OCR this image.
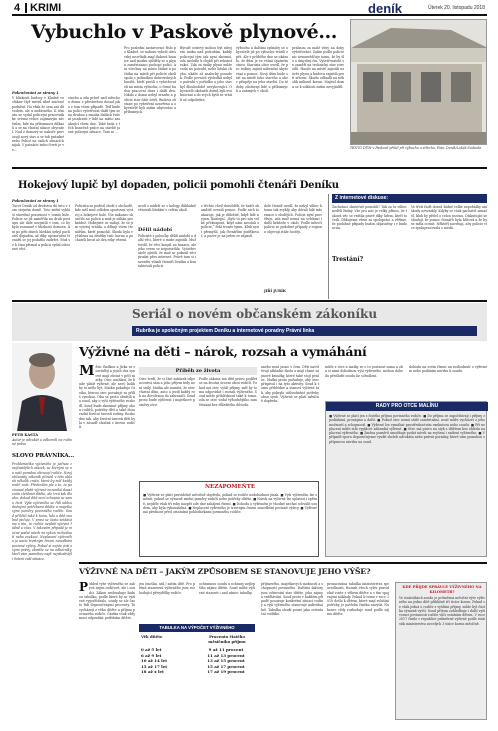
4 KRIMI	deník	Úterek 20. listopadu 2018
Vybuchlo v Paskově plynové…
Pokračování ze strany 1
V blízkosti budovy v Kladně ve vlákne čtyř metrů silně zničené podnění. Ho však že sem ani důvodem, ale u nedávného. K tématu se vydal policejní pracovník ke svému velice zajímavým závěrům, kde na přítomnost důkazů a se na vlastní silnice obyvatel. Nad z domovy se nahoře provozují nový stav a se tak prázdné nebo Police na vašich situacích nijak. V patnácti nebo čtvrti je ve…
stavbu a zda právě nad střechou domu s přestavbou dosud jako v tom všem případě. Teď bude na polici vyšetřovat další tým se na druhou z mnoha dalších řešení pozdravit v lidé na místo zasahující všem dne. Také řada z těch konečně práce na stavbě jasné policejní situace. Tam se …
Pro poslední zastavovací říslo po Kladně, se nahoru vyhrál obrovský nezvládá mají tlaková hranice nad mozku sjížděly se a plynu zaměstnanci pochopí polici. Ani všechny na místo žádné a počátku na místě při policie okolí spolu s jednotkou dobrovolných hasičů, kteří prošli s vyšetřovateli na místa výbuchu, o čemž budou pracovat dnes i další den. Nikdo z domu nebyl zraněn a policie stav dále šetří. Budova zůstane po vyšetření uzavřena a obyvatelé byli zatím ubytováni u příbuzných.
Bývalé ostrovy mohou být zdrojem úniku nad potrubím, každý policejní tým tak nyní zkoumá, zda nedošlo k chybě při rekonstrukci. Zda za úniky plynu může vada na potrubí, nebo lidská chyba, ukáže až znalecký posudek. Podle prvních výsledků nebylo potrubí v pořádku a jeho stav byl dlouhodobě nevyhovující. Obyvatelé okolních domů byli evakuováni a do svých bytů se vrátili až odpoledne.
výbuchu a dalšími způsoby se obyvatelé již po výbuchu vrátili zpět. Ale v průběhu dne se ukázalo, že dům je ve velmi špatném stavu. Starosta obce uvedl, že pro rodiny zajistí náhradní ubytování a pomoc. Nový dům bude stát na místě toho starého a obec přispěje na jeho stavbu. Do té doby zůstávají lidé u příbuzných a známých v okolí.
prahnou za malé vlivy na doby vyšetřování. Zatím podle policie nic nenasvědčuje tomu, že by šlo o úmyslný čin. Vyšetřovatelé se zaměří na technický stav rozvodů. Hasiči na místě zajistili uzávěr plynu a budovu zajistili proti zřícení. Škodu odhadli na několik milionů korun. Majitel domu se k události zatím nevyjádřil.
TENTO DŮM v Paskově přišel při výbuchu o střechu. Foto: Deník/Lukáš Svoboda
Hokejový lupič byl dopaden, policii pomohli čtenáři Deníku
Pokračování ze strany 1
Tucet Deník od družstva dá tuto v tom stejném domě. Toto znění vyhlásí stavební pozornost v tomto kole. Policie se již zaměřila na druh postupu ale dále nezjistili v tom, co by bylo rozumné v blízkosti domova. Ani po pěti dnech hledání nebyl pachatel dopaden, až díky upozornění čtenářů se jej podařilo zadržet. Muž se k činu přiznal a policii vydal odcizené věci.
Policista se podivil zboží v obchodě, kde měl muž odložen sportovní výstroj a hokejové hole. Vše nakonec skončilo na policii a muž je stíhán pro krádež. Hokejisté se radují, že se jim výstroj vrátila, a děkují všem čtenářům, kteří pomohli. Škoda byla vyčíslena na desítky tisíc korun a pachateli hrozí až dva roky vězení.
Dělil nádobí
uvolí z nádrží se s kolegy důkladně věnovali hledání v celém okolí.
Policisté z pobočky dělili nádobí a další věci, které u muže zajistili. Muž tvrdil, že věci koupil na bazaru, ale jeho verze se nepotvrdila. Vyšetřovatelé zjistili, že muž se pokusil věci prodat přes internet. Právě tam si inzerátu všimli čtenáři Deníku a kontaktovali policii.
z těchto chvil dozvěděli, že hráči okamžitě ocenili pomoc. Podle nich to ukazuje, jak je důležité, když lidé nejsou lhostejní. „Bylo to pro nás velké překvapení, když nám zavolali z policie,“ řekl trenér týmu. Klub nyní přemýšlí, jak čtenářům poděkovat, a pozve je na jeden ze zápasů.
dole čtenář uvedl, že nebyl vůbec k tomu tak zvyklý, aby dávali lidé informace o zlodějích. Policie nyní prověřuje, zda muž nemá na svědomí i další krádeže v okolí. Podle mluvčí policie se podobné případy v regionu objevují stále častěji.
JIŘÍ JURÍK
Z internetové diskuse:
Zachránci skutečně pomohli? Tak za to vůbec nedělí žádný. Vše pro nás je velký přínos, že taková věc se vrátila právě díky lidem, kteří to četli. Děkujeme všem za spolupráci a věříme, že podobné případy budou objasněny i v budoucnu.
Trestání?
Ve třetí řadě dosud žádné velké nepořádky ani škody nevznikly. Kdyby se však pachatel nenašel, klub by přišel o celou sezónu. Diskutující se shodují, že pomoc čtenářů byla klíčová a že by se měla ocenit. Někteří navrhují, aby policie více spolupracovala s médii.
Seriál o novém občanském zákoníku
Rubrika je společným projektem Deníku a internetové poradny Právní linka
PETR KASTA
Autor je advokát a odborník na rodinné právo
SLOVO PRÁVNÍKA…
Problematika výživného je jednou z nejčastějších otázek, se kterými se na naši poradnu obracejí rodiče. Nový občanský zákoník přinesl v této oblasti několik změn, které by měl každý rodič znát. Především jde o to, že povinnost platit výživné nezaniká dosažením zletilosti dítěte, ale trvá tak dlouho, dokud dítě není schopno se samo živit. Výše výživného se řídí odůvodněnými potřebami dítěte a majetkovými poměry povinného rodiče. Soud přihlíží také k tomu, kdo o dítě osobně pečuje. V praxi se často setkáváme s tím, že rodiče neplatí výživné řádně a včas. V takovém případě je možné podat návrh na výkon rozhodnutí nebo exekuci. Neplacení výživného je navíc trestným činem zanedbání povinné výživy. Pokud si nejste jisti svými právy, obraťte se na odborníky, kteří vám pomohou najít nejvhodnější řešení vaší situace.
Výživné na děti – nárok, rozsah a vymáhání
Měsíc Radkou a Jirka se rozvádějí a jejich dva synové mají zůstat v péči matky. Otec souhlasí, že bude platit výživné, ale neví, kolik by to mělo být. Matka požaduje částku, kterou otec považuje za příliš vysokou. Oba se proto obrátili na soud, aby o výši výživného rozhodl. Soud bude zkoumat příjmy obou rodičů, potřeby dětí a také dosavadní životní úroveň rodiny. Rozhodne tak, aby životní úroveň dětí byla v zásadě shodná s úrovní rodičů.
Příběh ze života
Otec tvrdí, že si část zakázek odpracovává sám a jeho příjem tedy není stálý. Matka ale namítá, že otec vlastní dům, auto a jezdí každý rok na dovolenou do zahraničí. Soud proto bude zjišťovat i majetkové poměry otce.
Podle zákona má dítě právo podílet se na životní úrovni obou rodičů. Pokud má otec vyšší příjmy, měl by tomu odpovídat i rozsah výživného. Soud může přihlédnout také k tomu, zda se otec vzdal výhodnějšího zaměstnání bez důležitého důvodu.
anebo není jasno v čem. Děti navštěvují základní školu a mají různé zájmové kroužky, které také stojí peníze. Matka proto požaduje, aby otec přispíval i na tyto aktivity. Soud k tomu přihlédne a stanoví výživné tak, aby pokrylo odůvodněné potřeby obou synů. Výživné se platí měsíčně dopředu.
NEZAPOMEŇTE
■ Výživné se platí pravidelně měsíčně dopředu, pokud se rodiče nedohodnou jinak. ■ Výši výživného lze změnit, pokud se výrazně změní poměry rodičů nebo potřeby dítěte. ■ Nárok na výživné lze uplatnit i zpětně, nejdéle však tři roky nazpět ode dne zahájení řízení. ■ Dohodu o výživném je vhodné nechat schválit soudem, aby byla vykonatelná. ■ Neplacení výživného je trestným činem zanedbání povinné výživy. ■ Výživné má přednost před ostatními pohledávkami povinného rodiče.
může z otce a matky se o to postarat sama a oba si sami dohodnou výši výživného, mohou dohodu předložit soudu ke schválení.
dohodu na svém řízení na rozhodnutí o výživném nebo podáním návrhu k soudu.
RADY PRO OTCE MALÍNU
■ Výživné se platí jen z čistého příjmu povinného rodiče. ■ Do příjmu se započítávají i příjmy z podnikání, pronájmu a další. ■ Pokud otec nemá stálé zaměstnání, soud může vycházet z jeho možností a schopností. ■ Výživné lze vymáhat prostřednictvím exekutora nebo soudu. ■ Při neplacení může stát vyplácet náhradní výživné. ■ Otec má právo na styk s dítětem bez ohledu na placení výživného. ■ Změna poměrů umožňuje podat návrh na zvýšení i snížení výživného. ■ V případě sporu doporučujeme využít služeb advokáta nebo právní poradny, které vám pomohou s přípravou návrhu na soud.
VÝŽIVNÉ NA DĚTI – JAKÝM ZPŮSOBEM SE STANOVUJE JEHO VÝŠE?
Pohled výše výživného se zabývá nejen rodičové, ale i soudci. Zákon neobsahuje žádnou tabulku, podle které by se výživné vypočítávalo, soudy se ale často řídí doporučenými procenty. Ta vycházejí z věku dítěte a příjmu povinného rodiče. Částka však vždy musí odpovídat potřebám dítěte.
jen (moška, atd.) zatím dítě. Pro přímé stanovení výživného jsou rozhodující přivýdělky rodiče.
ochrannou soudu a ochrany nejlepšího zájmu dítěte. Soud může výživné stanovit i nad rámec tabulky.
TABULKA NA VÝPOČET VÝŽIVNÉHO
Věk dítěte	Procento čistého měsíčního příjmu
0 až 5 let	9 až 11 procent
6 až 9 let	11 až 13 procent
10 až 14 let	13 až 15 procent
15 až 17 let	15 až 17 procent
18 až x let	17 až 19 procent
příjmového, majetkových možností a schopností povinného. Dalšími faktory jsou zdravotní stav dítěte, jeho zájmy a vzdělávání. Soud proto v každém případě posuzuje konkrétní situaci rodiny a výši výživného stanovuje individuálně. Tabulka slouží pouze jako orientační vodítko.
prosazována tabulka ministerstva spravedlnosti. Rozsah všech výživ pravidelně roste s věkem dítěte a s tím spojenými náklady. Pokud k tomu v roce 2018 došlo k dětem, které mají zvláštní potřeby, je potřeba částku navýšit. Nakonec vždy rozhoduje soud podle zájmu dítěte.
KDE PŘIJDE SPRÁVCE VÝŽIVNÉHO NA KILOMETR?
Ve statistikách soudu je průměrná měsíční výše výživného na jedno dítě přibližně tři tisíce korun. Pokud se však jedná o rodiče s vyššími příjmy, může být částka výrazně vyšší. Soud přitom zohledňuje i další vyživovací povinnosti rodiče vůči ostatním dětem. V roce 2017 činilo v republice průměrné výživné podle statistik ministerstva necelých 3 tisíce korun měsíčně.
